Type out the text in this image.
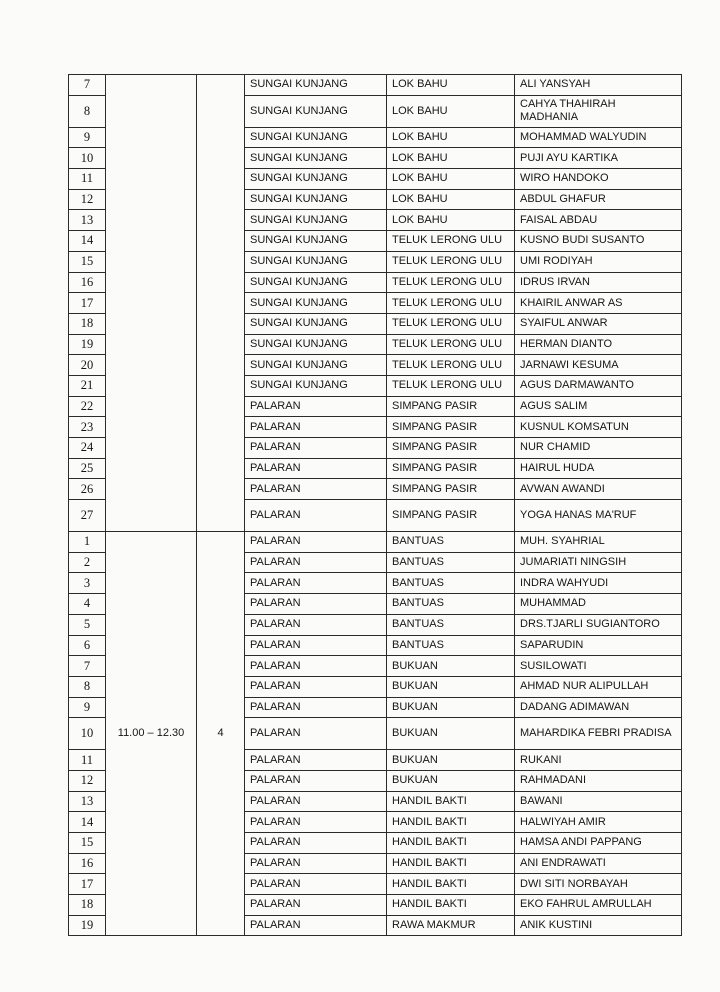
7			SUNGAI KUNJANG	LOK BAHU	ALI YANSYAH
8			SUNGAI KUNJANG	LOK BAHU	CAHYA THAHIRAH MADHANIA
9			SUNGAI KUNJANG	LOK BAHU	MOHAMMAD WALYUDIN
10			SUNGAI KUNJANG	LOK BAHU	PUJI AYU KARTIKA
11			SUNGAI KUNJANG	LOK BAHU	WIRO HANDOKO
12			SUNGAI KUNJANG	LOK BAHU	ABDUL GHAFUR
13			SUNGAI KUNJANG	LOK BAHU	FAISAL ABDAU
14			SUNGAI KUNJANG	TELUK LERONG ULU	KUSNO BUDI SUSANTO
15			SUNGAI KUNJANG	TELUK LERONG ULU	UMI RODIYAH
16			SUNGAI KUNJANG	TELUK LERONG ULU	IDRUS IRVAN
17			SUNGAI KUNJANG	TELUK LERONG ULU	KHAIRIL ANWAR AS
18			SUNGAI KUNJANG	TELUK LERONG ULU	SYAIFUL ANWAR
19			SUNGAI KUNJANG	TELUK LERONG ULU	HERMAN DIANTO
20			SUNGAI KUNJANG	TELUK LERONG ULU	JARNAWI KESUMA
21			SUNGAI KUNJANG	TELUK LERONG ULU	AGUS DARMAWANTO
22			PALARAN	SIMPANG PASIR	AGUS SALIM
23			PALARAN	SIMPANG PASIR	KUSNUL KOMSATUN
24			PALARAN	SIMPANG PASIR	NUR CHAMID
25			PALARAN	SIMPANG PASIR	HAIRUL HUDA
26			PALARAN	SIMPANG PASIR	AVWAN AWANDI
27			PALARAN	SIMPANG PASIR	YOGA HANAS MA'RUF
1	11.00 – 12.30	4	PALARAN	BANTUAS	MUH. SYAHRIAL
2			PALARAN	BANTUAS	JUMARIATI NINGSIH
3			PALARAN	BANTUAS	INDRA WAHYUDI
4			PALARAN	BANTUAS	MUHAMMAD
5			PALARAN	BANTUAS	DRS.TJARLI SUGIANTORO
6			PALARAN	BANTUAS	SAPARUDIN
7			PALARAN	BUKUAN	SUSILOWATI
8			PALARAN	BUKUAN	AHMAD NUR ALIPULLAH
9			PALARAN	BUKUAN	DADANG ADIMAWAN
10			PALARAN	BUKUAN	MAHARDIKA FEBRI PRADISA
11			PALARAN	BUKUAN	RUKANI
12			PALARAN	BUKUAN	RAHMADANI
13			PALARAN	HANDIL BAKTI	BAWANI
14			PALARAN	HANDIL BAKTI	HALWIYAH AMIR
15			PALARAN	HANDIL BAKTI	HAMSA ANDI PAPPANG
16			PALARAN	HANDIL BAKTI	ANI ENDRAWATI
17			PALARAN	HANDIL BAKTI	DWI SITI NORBAYAH
18			PALARAN	HANDIL BAKTI	EKO FAHRUL AMRULLAH
19			PALARAN	RAWA MAKMUR	ANIK KUSTINI
